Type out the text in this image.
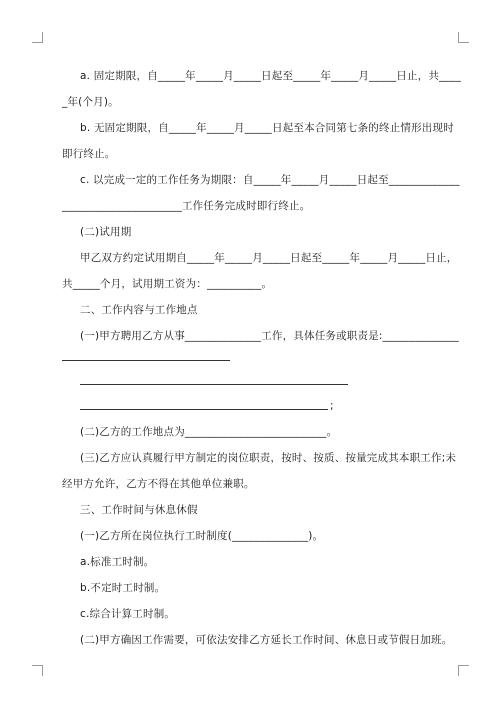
a. 固定期限，自_____年_____月_____日起至_____年_____月_____日止，共____
_年(个月)。
b. 无固定期限，自_____年_____月_____日起至本合同第七条的终止情形出现时
即行终止。
c. 以完成一定的工作任务为期限：自_____年_____月_____日起至_____________
______________________工作任务完成时即行终止。
(二)试用期
甲乙双方约定试用期自_____年_____月_____日起至_____年_____月_____日止，
共_____个月，试用期工资为：__________。
二、工作内容与工作地点
(一)甲方聘用乙方从事______________工作，具体任务或职责是:______________
;
(二)乙方的工作地点为__________________________。
(三)乙方应认真履行甲方制定的岗位职责，按时、按质、按量完成其本职工作;未
经甲方允许，乙方不得在其他单位兼职。
三、工作时间与休息休假
(一)乙方所在岗位执行工时制度(______________)。
a.标准工时制。
b.不定时工时制。
c.综合计算工时制。
(二)甲方确因工作需要，可依法安排乙方延长工作时间、休息日或节假日加班。
